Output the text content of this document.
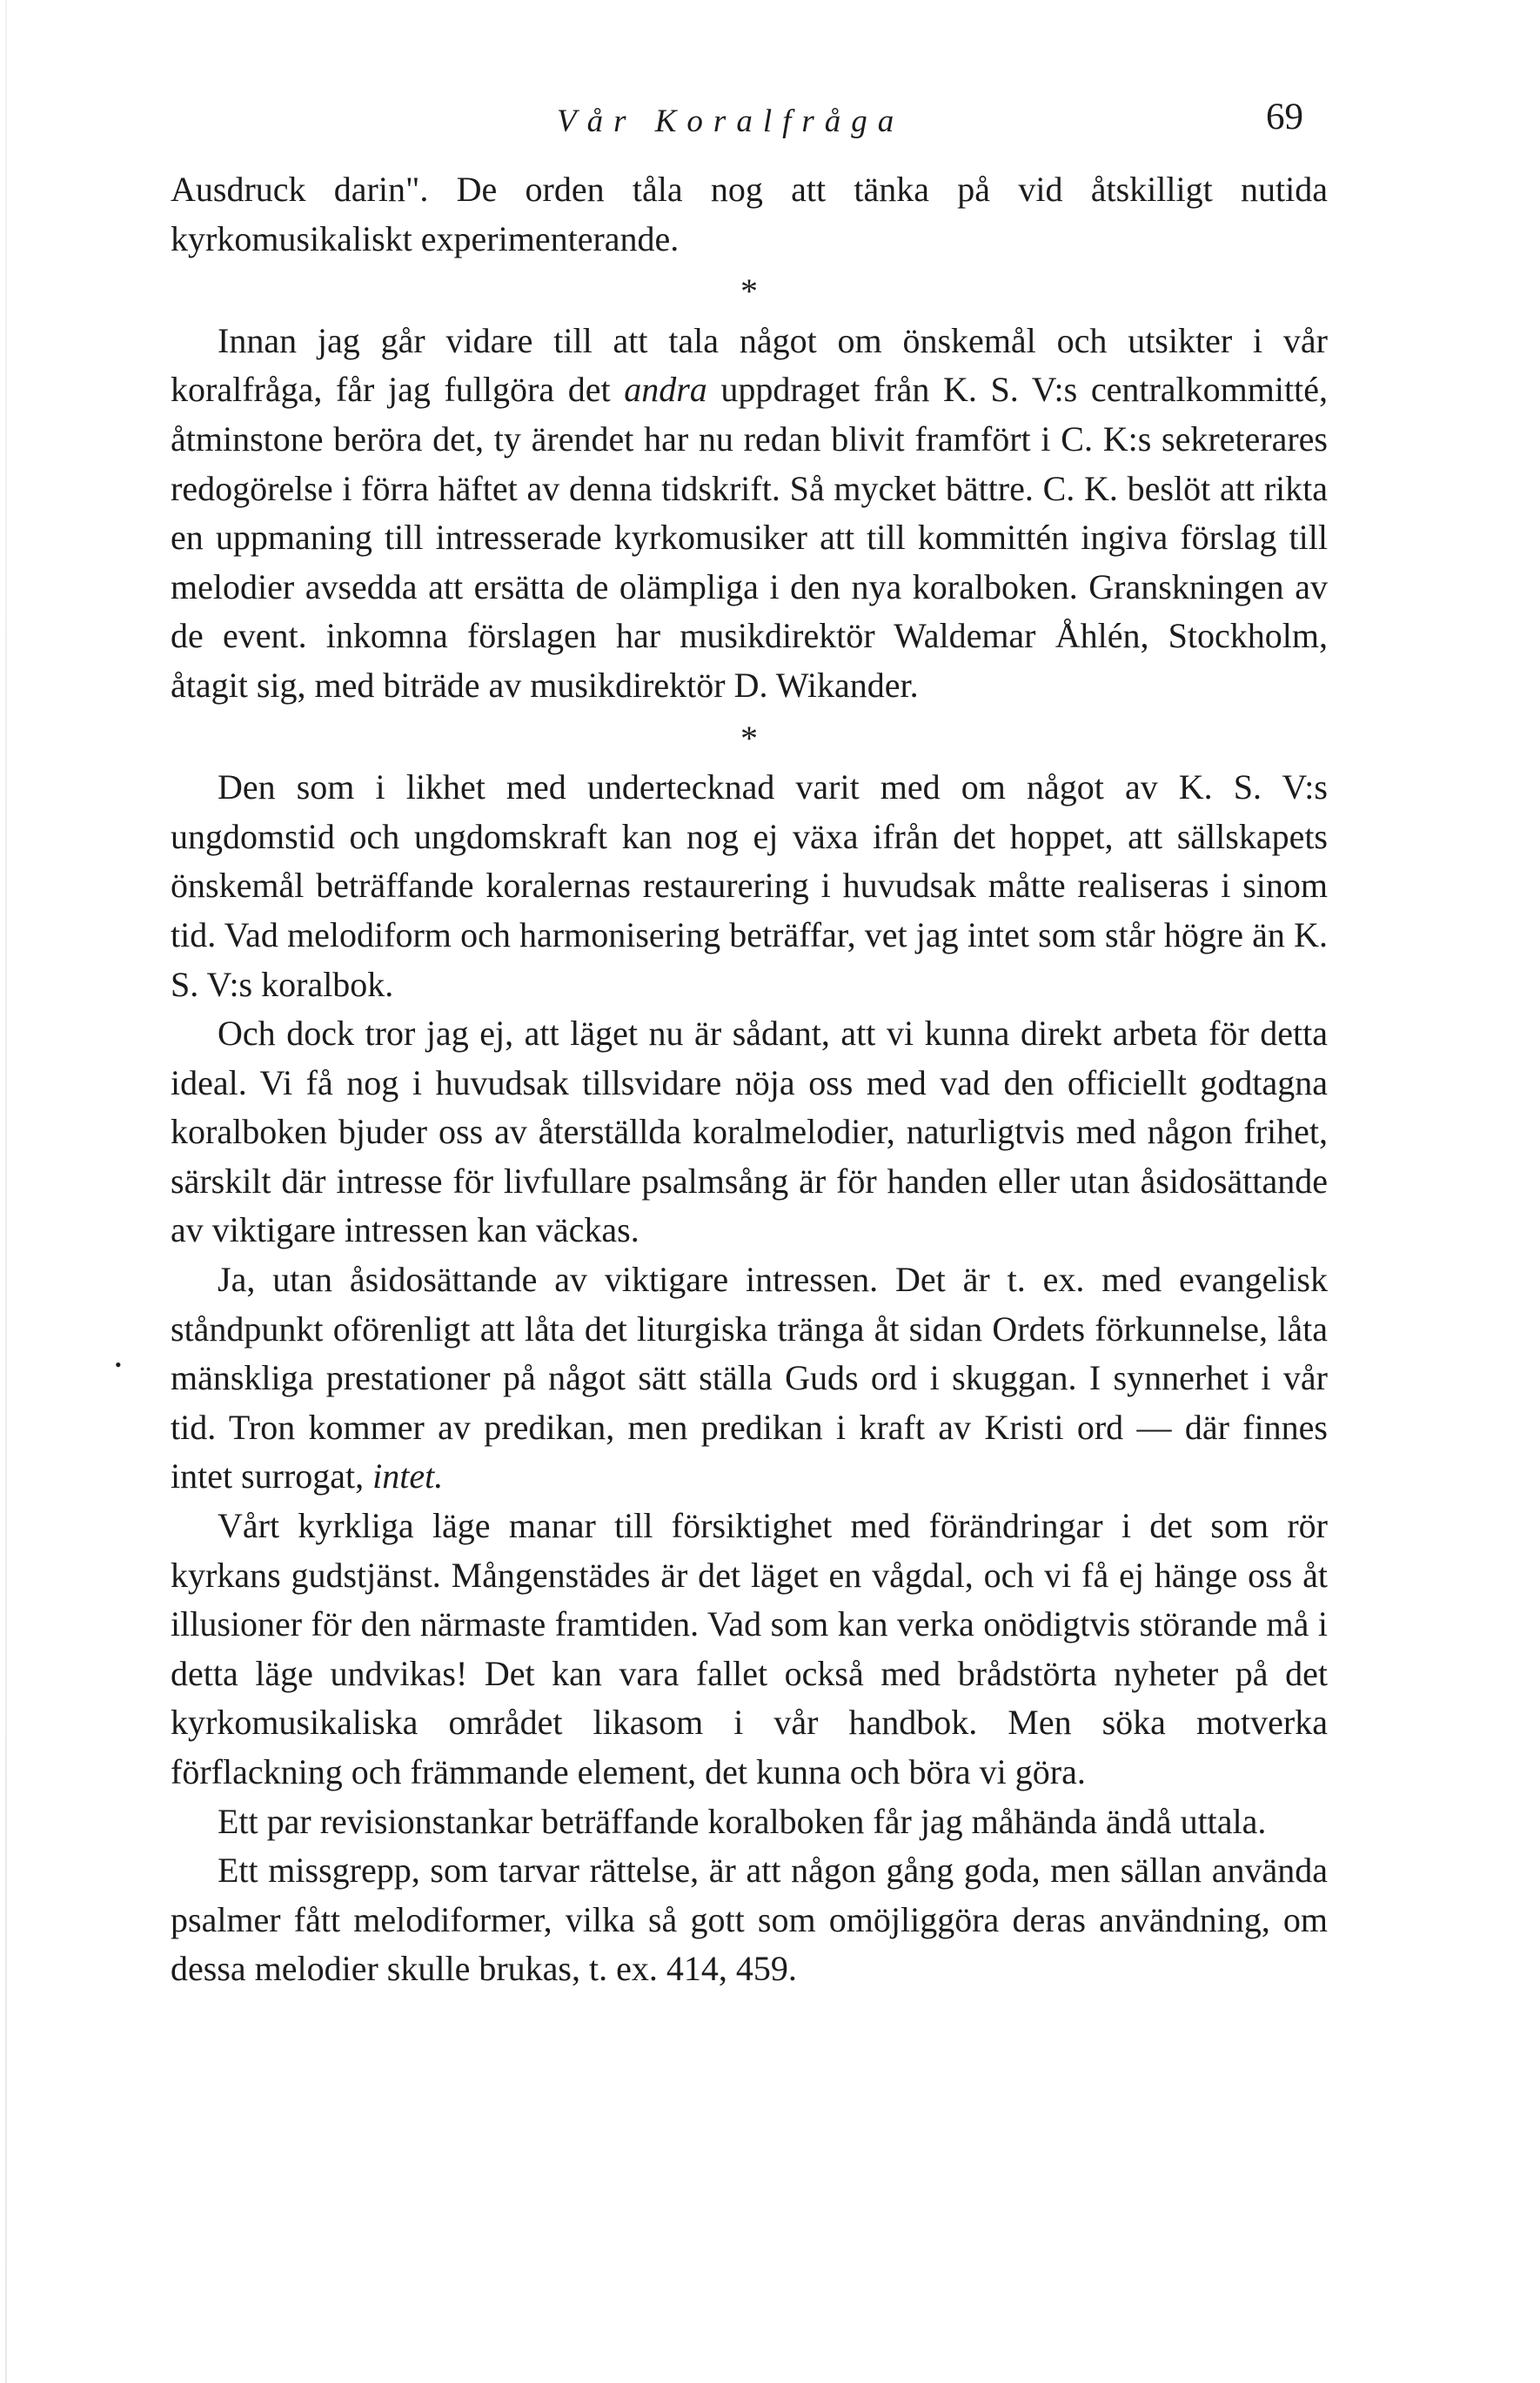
Vår Koralfråga	69
•

Ausdruck darin". De orden tåla nog att tänka på vid åtskilligt nutida kyrkomusikaliskt experimenterande.

*

Innan jag går vidare till att tala något om önskemål och utsikter i vår koralfråga, får jag fullgöra det andra uppdraget från K. S. V:s centralkommitté, åtminstone beröra det, ty ärendet har nu redan blivit framfört i C. K:s sekreterares redogörelse i förra häftet av denna tidskrift. Så mycket bättre. C. K. beslöt att rikta en uppmaning till intresserade kyrkomusiker att till kommittén ingiva förslag till melodier avsedda att ersätta de olämpliga i den nya koralboken. Granskningen av de event. inkomna förslagen har musikdirektör Waldemar Åhlén, Stockholm, åtagit sig, med biträde av musikdirektör D. Wikander.

*

Den som i likhet med undertecknad varit med om något av K. S. V:s ungdomstid och ungdomskraft kan nog ej växa ifrån det hoppet, att sällskapets önskemål beträffande koralernas restaurering i huvudsak måtte realiseras i sinom tid. Vad melodiform och harmonisering beträffar, vet jag intet som står högre än K. S. V:s koralbok.

Och dock tror jag ej, att läget nu är sådant, att vi kunna direkt arbeta för detta ideal. Vi få nog i huvudsak tillsvidare nöja oss med vad den officiellt godtagna koralboken bjuder oss av återställda koralmelodier, naturligtvis med någon frihet, särskilt där intresse för livfullare psalmsång är för handen eller utan åsidosättande av viktigare intressen kan väckas.

Ja, utan åsidosättande av viktigare intressen. Det är t. ex. med evangelisk ståndpunkt oförenligt att låta det liturgiska tränga åt sidan Ordets förkunnelse, låta mänskliga prestationer på något sätt ställa Guds ord i skuggan. I synnerhet i vår tid. Tron kommer av predikan, men predikan i kraft av Kristi ord — där finnes intet surrogat, intet.

Vårt kyrkliga läge manar till försiktighet med förändringar i det som rör kyrkans gudstjänst. Mångenstädes är det läget en vågdal, och vi få ej hänge oss åt illusioner för den närmaste framtiden. Vad som kan verka onödigtvis störande må i detta läge undvikas! Det kan vara fallet också med brådstörta nyheter på det kyrkomusikaliska området likasom i vår handbok. Men söka motverka förflackning och främmande element, det kunna och böra vi göra.

Ett par revisionstankar beträffande koralboken får jag måhända ändå uttala.

Ett missgrepp, som tarvar rättelse, är att någon gång goda, men sällan använda psalmer fått melodiformer, vilka så gott som omöjliggöra deras användning, om dessa melodier skulle brukas, t. ex. 414, 459.
